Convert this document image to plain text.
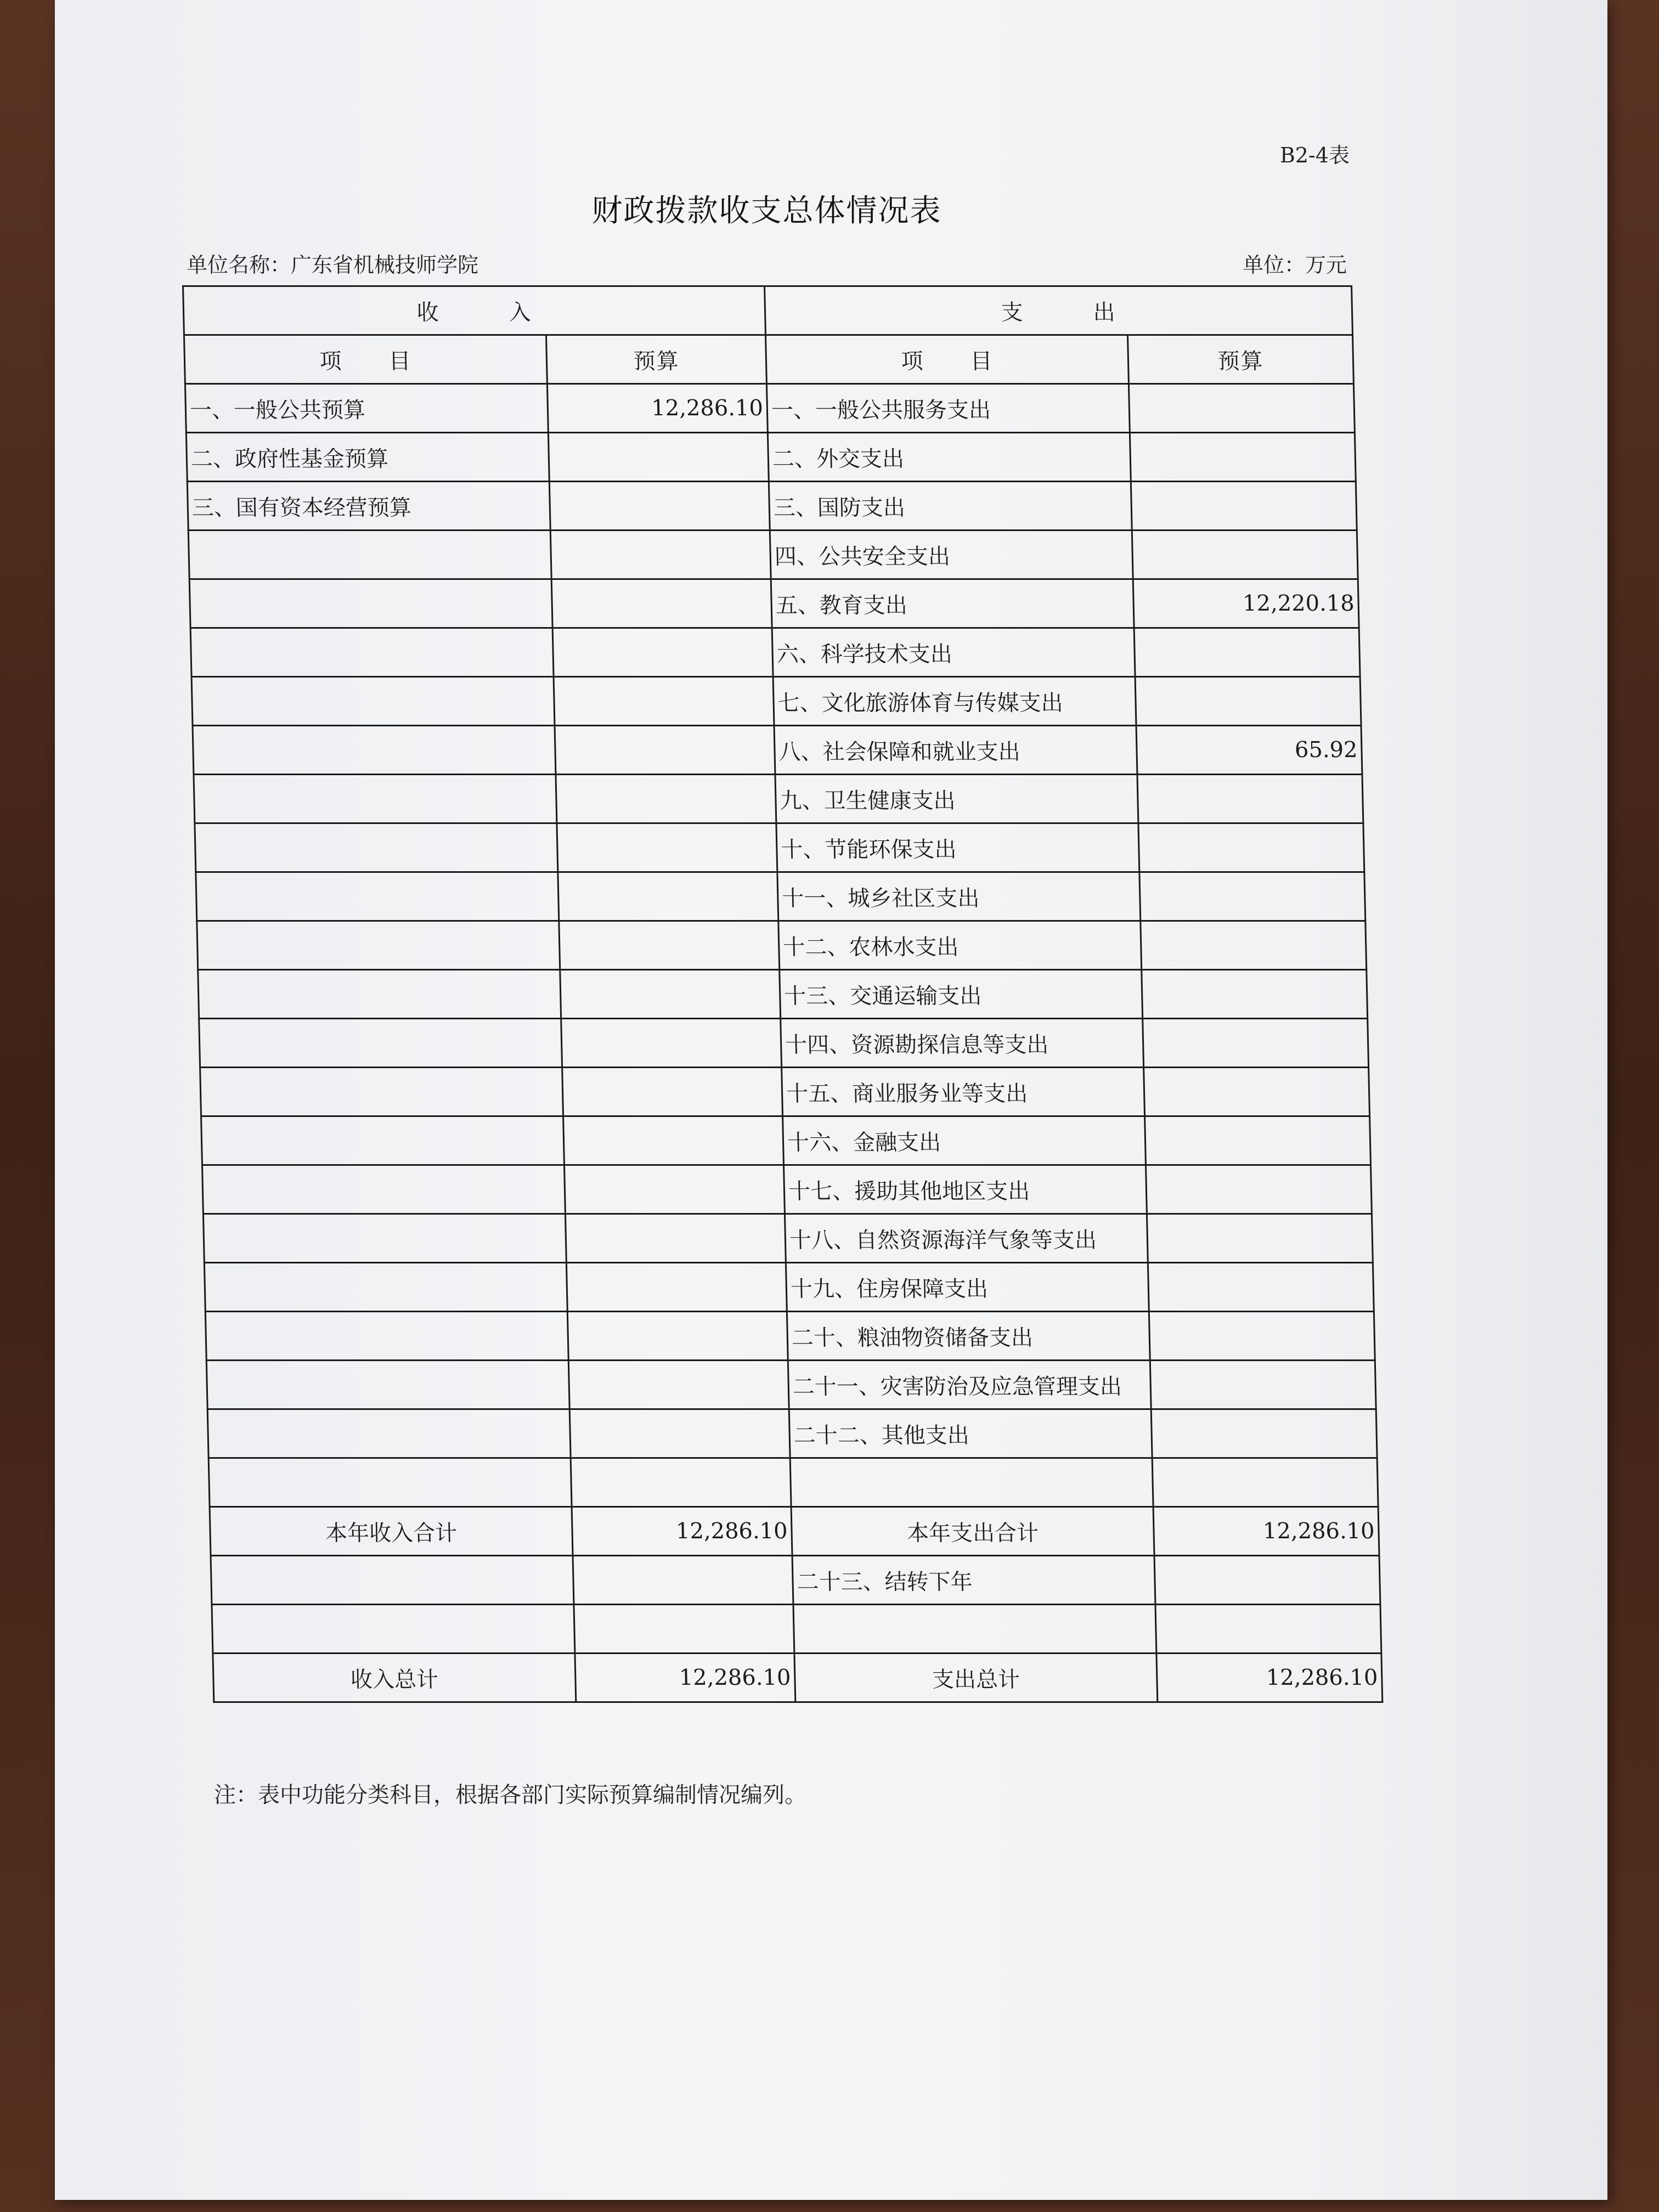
B2-4表
财政拨款收支总体情况表
单位名称：广东省机械技师学院	单位：万元
收　　　入		支　　　出	
项　　目	预算	项　　目	预算
一、一般公共预算	12,286.10	一、一般公共服务支出	
二、政府性基金预算		二、外交支出	
三、国有资本经营预算		三、国防支出	
		四、公共安全支出	
		五、教育支出	12,220.18
		六、科学技术支出	
		七、文化旅游体育与传媒支出	
		八、社会保障和就业支出	65.92
		九、卫生健康支出	
		十、节能环保支出	
		十一、城乡社区支出	
		十二、农林水支出	
		十三、交通运输支出	
		十四、资源勘探信息等支出	
		十五、商业服务业等支出	
		十六、金融支出	
		十七、援助其他地区支出	
		十八、自然资源海洋气象等支出	
		十九、住房保障支出	
		二十、粮油物资储备支出	
		二十一、灾害防治及应急管理支出	
		二十二、其他支出	

本年收入合计	12,286.10	本年支出合计	12,286.10
		二十三、结转下年	

收入总计	12,286.10	支出总计	12,286.10
注：表中功能分类科目，根据各部门实际预算编制情况编列。
